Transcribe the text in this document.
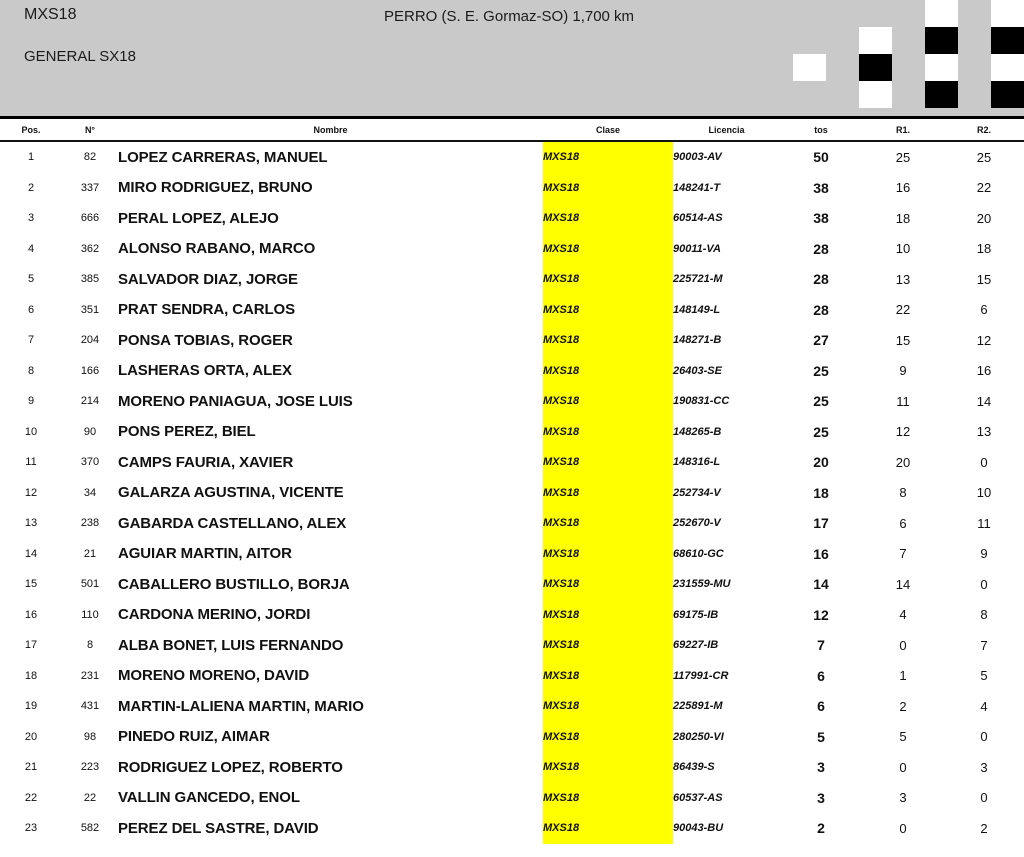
MXS18
GENERAL SX18
PERRO (S. E. Gormaz-SO) 1,700 km
Pos.	N°	Nombre	Clase	Licencia	tos	R1.	R2.
1	82	LOPEZ CARRERAS, MANUEL	MXS18	90003-AV	50	25	25
2	337	MIRO RODRIGUEZ, BRUNO	MXS18	148241-T	38	16	22
3	666	PERAL LOPEZ, ALEJO	MXS18	60514-AS	38	18	20
4	362	ALONSO RABANO, MARCO	MXS18	90011-VA	28	10	18
5	385	SALVADOR DIAZ, JORGE	MXS18	225721-M	28	13	15
6	351	PRAT SENDRA, CARLOS	MXS18	148149-L	28	22	6
7	204	PONSA TOBIAS, ROGER	MXS18	148271-B	27	15	12
8	166	LASHERAS ORTA, ALEX	MXS18	26403-SE	25	9	16
9	214	MORENO PANIAGUA, JOSE LUIS	MXS18	190831-CC	25	11	14
10	90	PONS PEREZ, BIEL	MXS18	148265-B	25	12	13
11	370	CAMPS FAURIA, XAVIER	MXS18	148316-L	20	20	0
12	34	GALARZA AGUSTINA, VICENTE	MXS18	252734-V	18	8	10
13	238	GABARDA CASTELLANO, ALEX	MXS18	252670-V	17	6	11
14	21	AGUIAR MARTIN, AITOR	MXS18	68610-GC	16	7	9
15	501	CABALLERO BUSTILLO, BORJA	MXS18	231559-MU	14	14	0
16	110	CARDONA MERINO, JORDI	MXS18	69175-IB	12	4	8
17	8	ALBA BONET, LUIS FERNANDO	MXS18	69227-IB	7	0	7
18	231	MORENO MORENO, DAVID	MXS18	117991-CR	6	1	5
19	431	MARTIN-LALIENA MARTIN, MARIO	MXS18	225891-M	6	2	4
20	98	PINEDO RUIZ, AIMAR	MXS18	280250-VI	5	5	0
21	223	RODRIGUEZ LOPEZ, ROBERTO	MXS18	86439-S	3	0	3
22	22	VALLIN GANCEDO, ENOL	MXS18	60537-AS	3	3	0
23	582	PEREZ DEL SASTRE, DAVID	MXS18	90043-BU	2	0	2
